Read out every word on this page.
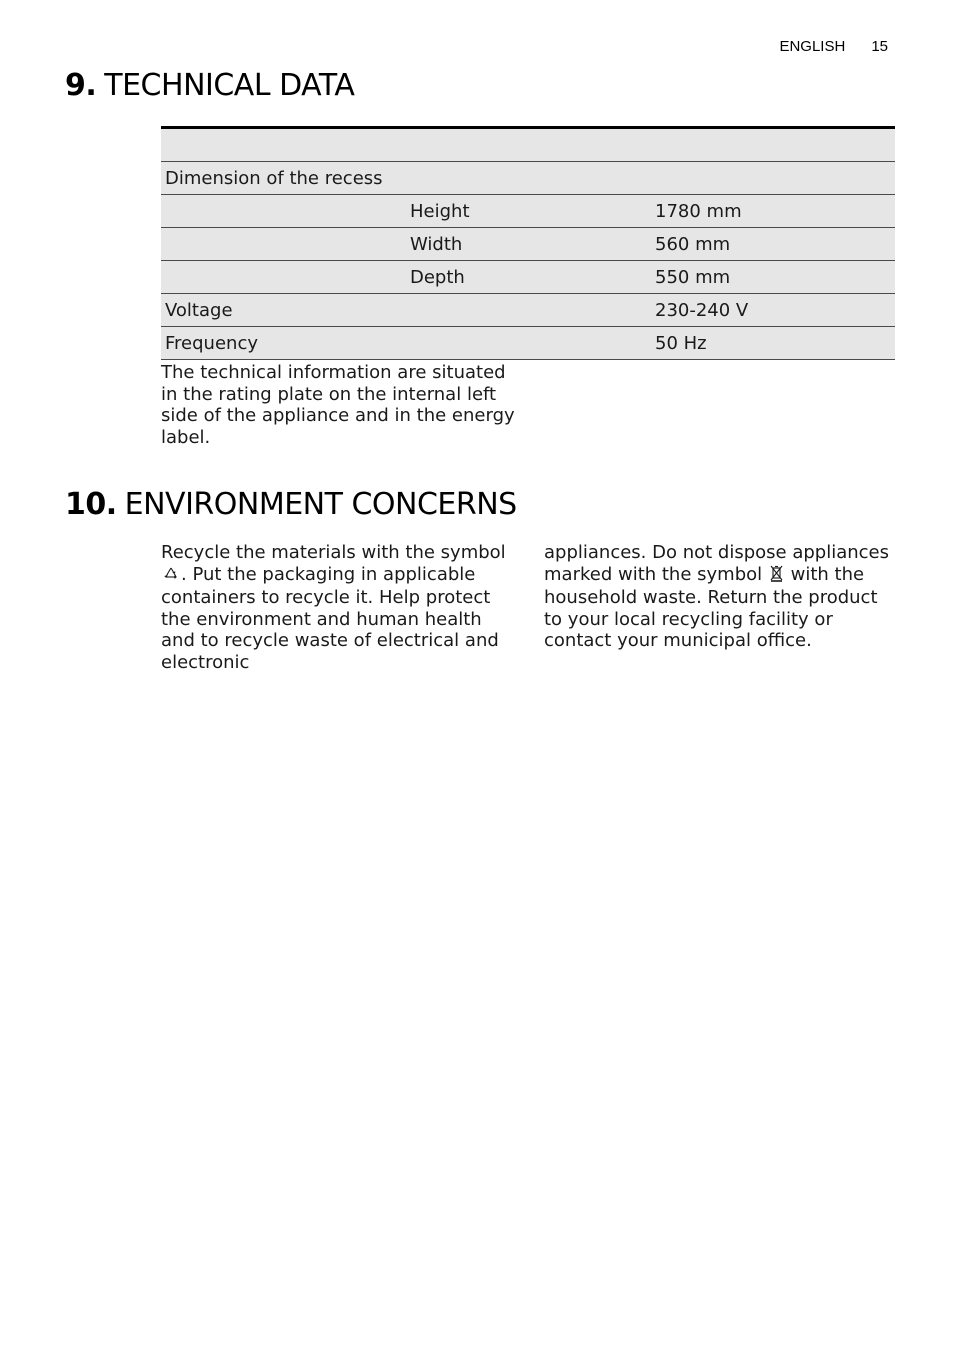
ENGLISH 15
9. TECHNICAL DATA

Dimension of the recess		
	Height	1780 mm
	Width	560 mm
	Depth	550 mm
Voltage		230-240 V
Frequency		50 Hz

The technical information are situated in the rating plate on the internal left side of the appliance and in the energy label.

10. ENVIRONMENT CONCERNS

Recycle the materials with the symbol . Put the packaging in applicable containers to recycle it. Help protect the environment and human health and to recycle waste of electrical and electronic

appliances. Do not dispose appliances marked with the symbol with the household waste. Return the product to your local recycling facility or contact your municipal office.
